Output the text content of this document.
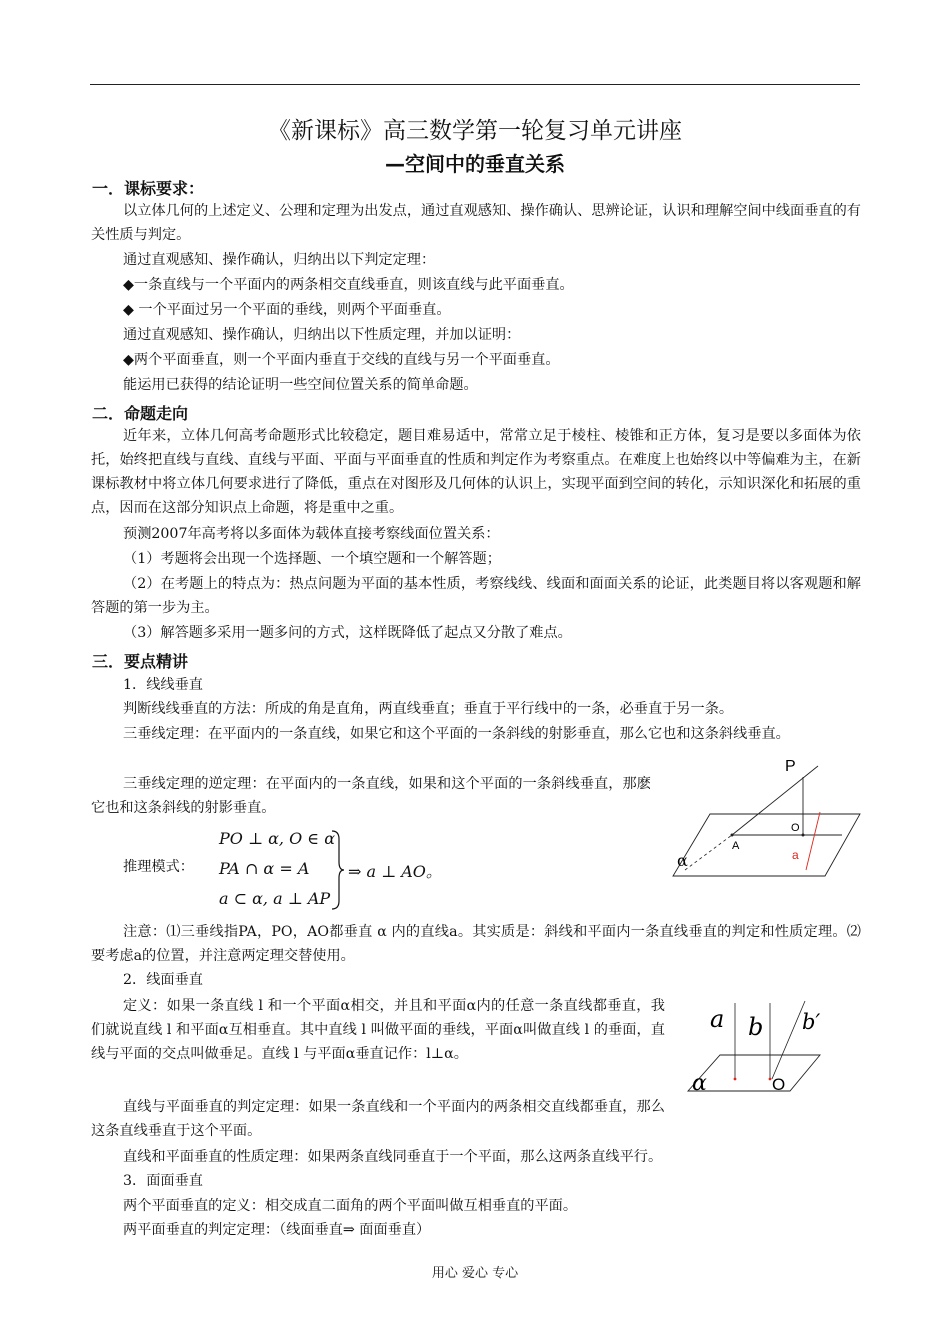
《新课标》高三数学第一轮复习单元讲座
—空间中的垂直关系
一．课标要求：
以立体几何的上述定义、公理和定理为出发点，通过直观感知、操作确认、思辨论证，认识和理解空间中线面垂直的有关性质与判定。
通过直观感知、操作确认，归纳出以下判定定理：
◆一条直线与一个平面内的两条相交直线垂直，则该直线与此平面垂直。
◆ 一个平面过另一个平面的垂线，则两个平面垂直。
通过直观感知、操作确认，归纳出以下性质定理，并加以证明：
◆两个平面垂直，则一个平面内垂直于交线的直线与另一个平面垂直。
能运用已获得的结论证明一些空间位置关系的简单命题。
二．命题走向
近年来，立体几何高考命题形式比较稳定，题目难易适中，常常立足于棱柱、棱锥和正方体，复习是要以多面体为依托，始终把直线与直线、直线与平面、平面与平面垂直的性质和判定作为考察重点。在难度上也始终以中等偏难为主，在新课标教材中将立体几何要求进行了降低，重点在对图形及几何体的认识上，实现平面到空间的转化，示知识深化和拓展的重点，因而在这部分知识点上命题，将是重中之重。
预测2007年高考将以多面体为载体直接考察线面位置关系：
（1）考题将会出现一个选择题、一个填空题和一个解答题；
（2）在考题上的特点为：热点问题为平面的基本性质，考察线线、线面和面面关系的论证，此类题目将以客观题和解答题的第一步为主。
（3）解答题多采用一题多问的方式，这样既降低了起点又分散了难点。
三．要点精讲
1．线线垂直
判断线线垂直的方法：所成的角是直角，两直线垂直；垂直于平行线中的一条，必垂直于另一条。
三垂线定理：在平面内的一条直线，如果它和这个平面的一条斜线的射影垂直，那么它也和这条斜线垂直。
三垂线定理的逆定理：在平面内的一条直线，如果和这个平面的一条斜线垂直，那麽它也和这条斜线的射影垂直。
推理模式：
PO ⊥ α, O ∈ α
PA ∩ α = A
a ⊂ α, a ⊥ AP
⇒ a ⊥ AO。
P
O
A
a
α
注意：⑴三垂线指PA，PO，AO都垂直 α 内的直线a。其实质是：斜线和平面内一条直线垂直的判定和性质定理。⑵要考虑a的位置，并注意两定理交替使用。
2．线面垂直
定义：如果一条直线 l 和一个平面α相交，并且和平面α内的任意一条直线都垂直，我们就说直线 l 和平面α互相垂直。其中直线 l 叫做平面的垂线，平面α叫做直线 l 的垂面，直线与平面的交点叫做垂足。直线 l 与平面α垂直记作：l⊥α。
a b b′
O
α
直线与平面垂直的判定定理：如果一条直线和一个平面内的两条相交直线都垂直，那么这条直线垂直于这个平面。
直线和平面垂直的性质定理：如果两条直线同垂直于一个平面，那么这两条直线平行。
3．面面垂直
两个平面垂直的定义：相交成直二面角的两个平面叫做互相垂直的平面。
两平面垂直的判定定理：（线面垂直⇒ 面面垂直）
用心 爱心 专心
